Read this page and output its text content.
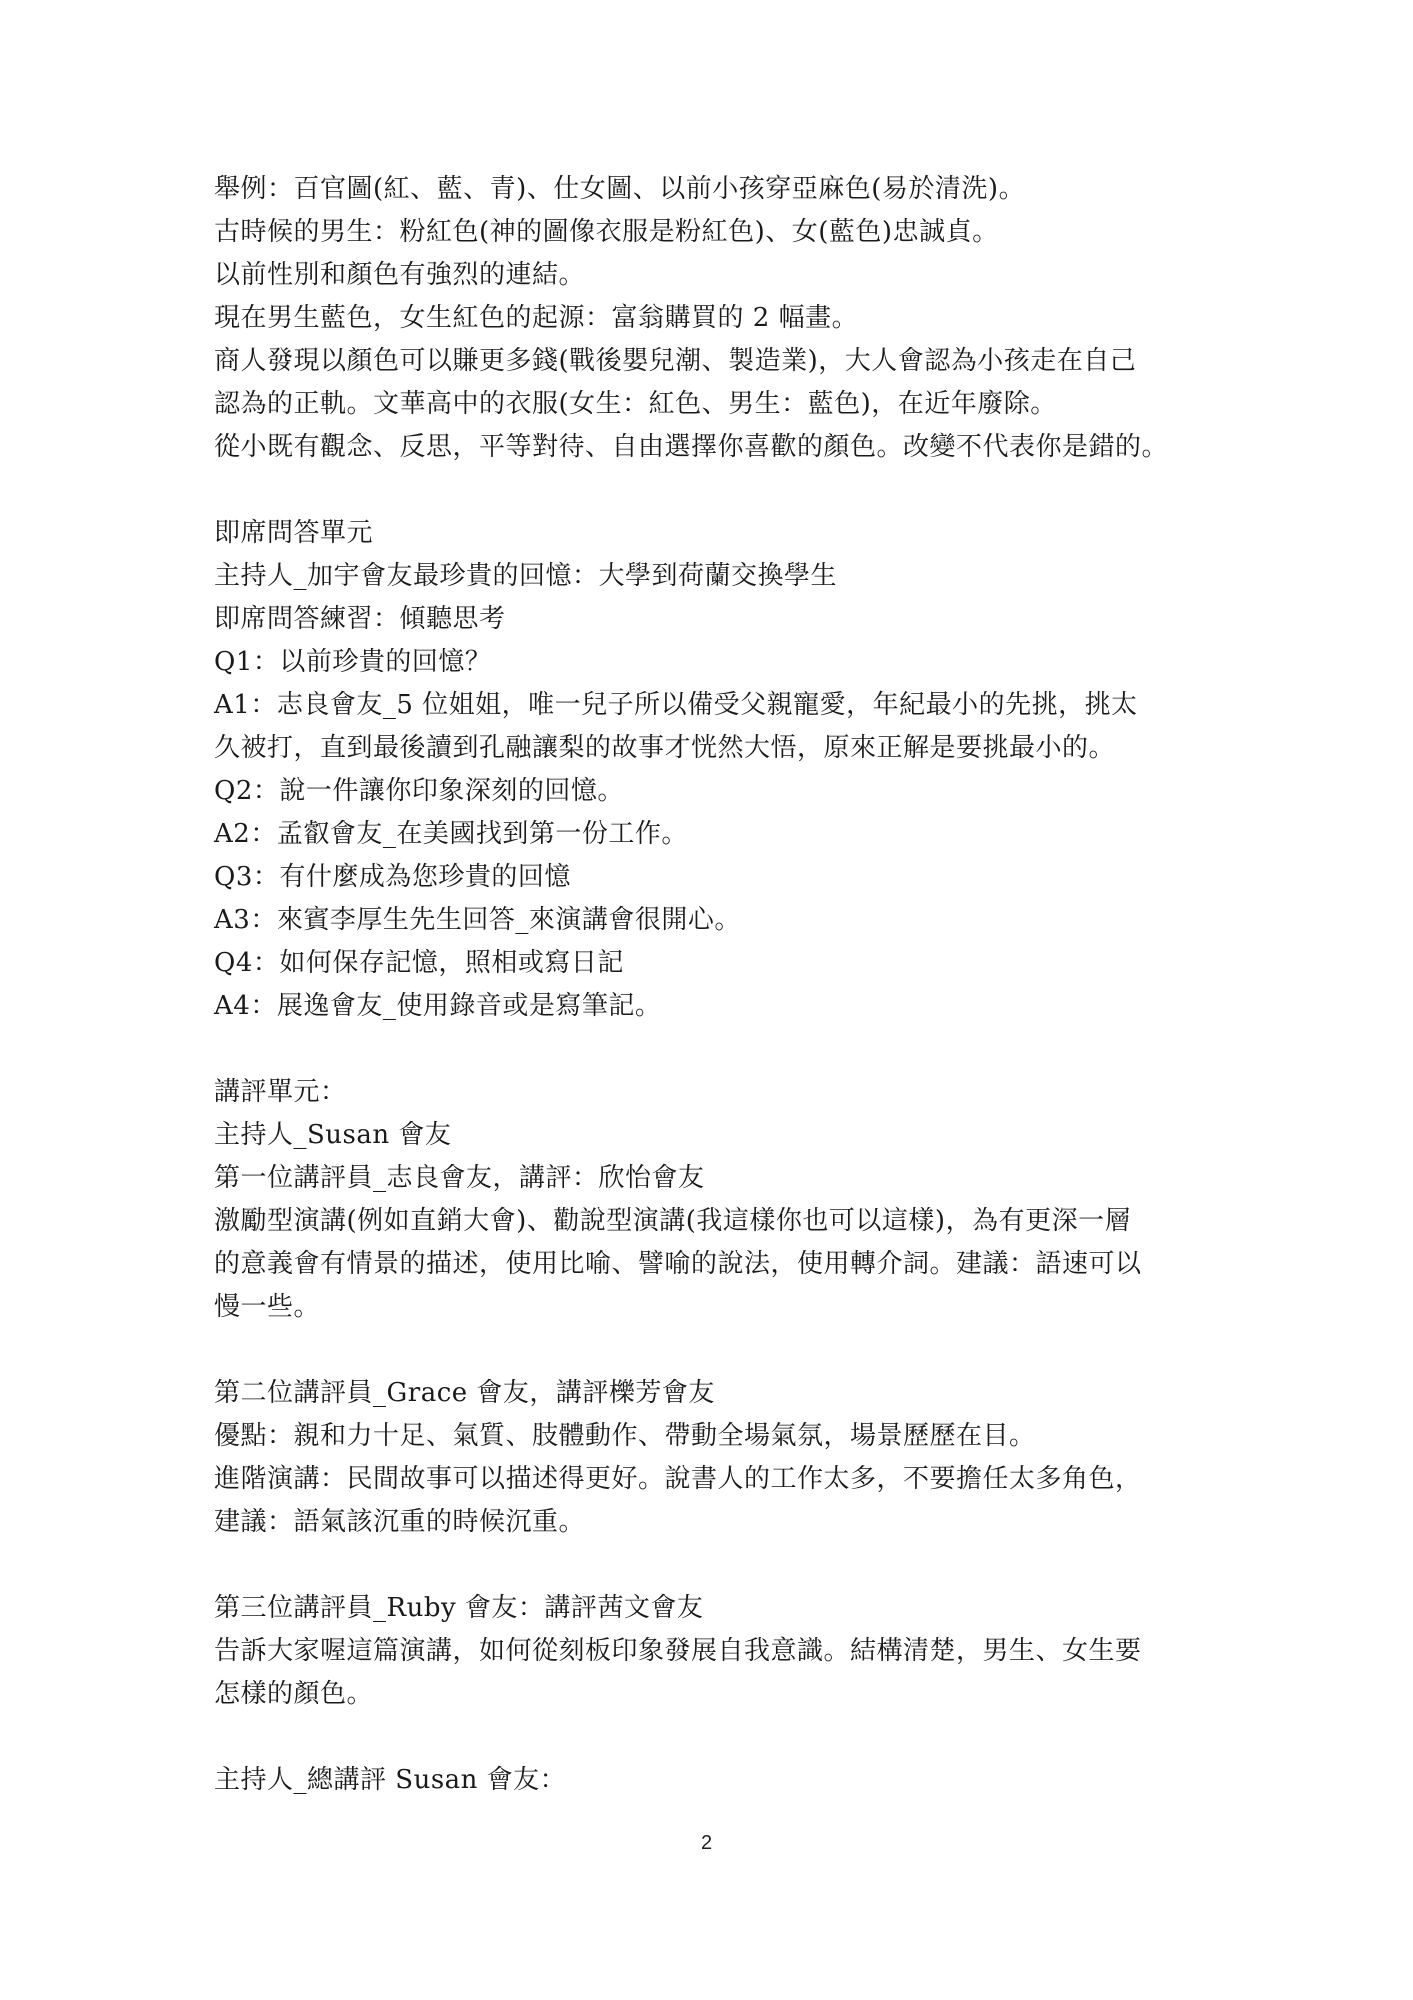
舉例：百官圖(紅、藍、青)、仕女圖、以前小孩穿亞麻色(易於清洗)。
古時候的男生：粉紅色(神的圖像衣服是粉紅色)、女(藍色)忠誠貞。
以前性別和顏色有強烈的連結。
現在男生藍色，女生紅色的起源：富翁購買的 2 幅畫。
商人發現以顏色可以賺更多錢(戰後嬰兒潮、製造業)，大人會認為小孩走在自己
認為的正軌。文華高中的衣服(女生：紅色、男生：藍色)，在近年廢除。
從小既有觀念、反思，平等對待、自由選擇你喜歡的顏色。改變不代表你是錯的。
即席問答單元
主持人_加宇會友最珍貴的回憶：大學到荷蘭交換學生
即席問答練習：傾聽思考
Q1：以前珍貴的回憶？
A1：志良會友_5 位姐姐，唯一兒子所以備受父親寵愛，年紀最小的先挑，挑太
久被打，直到最後讀到孔融讓梨的故事才恍然大悟，原來正解是要挑最小的。
Q2：說一件讓你印象深刻的回憶。
A2：孟叡會友_在美國找到第一份工作。
Q3：有什麼成為您珍貴的回憶
A3：來賓李厚生先生回答_來演講會很開心。
Q4：如何保存記憶，照相或寫日記
A4：展逸會友_使用錄音或是寫筆記。
講評單元：
主持人_Susan 會友
第一位講評員_志良會友，講評：欣怡會友
激勵型演講(例如直銷大會)、勸說型演講(我這樣你也可以這樣)，為有更深一層
的意義會有情景的描述，使用比喻、譬喻的說法，使用轉介詞。建議：語速可以
慢一些。
第二位講評員_Grace 會友，講評櫟芳會友
優點：親和力十足、氣質、肢體動作、帶動全場氣氛，場景歷歷在目。
進階演講：民間故事可以描述得更好。說書人的工作太多，不要擔任太多角色，
建議：語氣該沉重的時候沉重。
第三位講評員_Ruby 會友：講評茜文會友
告訴大家喔這篇演講，如何從刻板印象發展自我意識。結構清楚，男生、女生要
怎樣的顏色。
主持人_總講評 Susan 會友：
2
